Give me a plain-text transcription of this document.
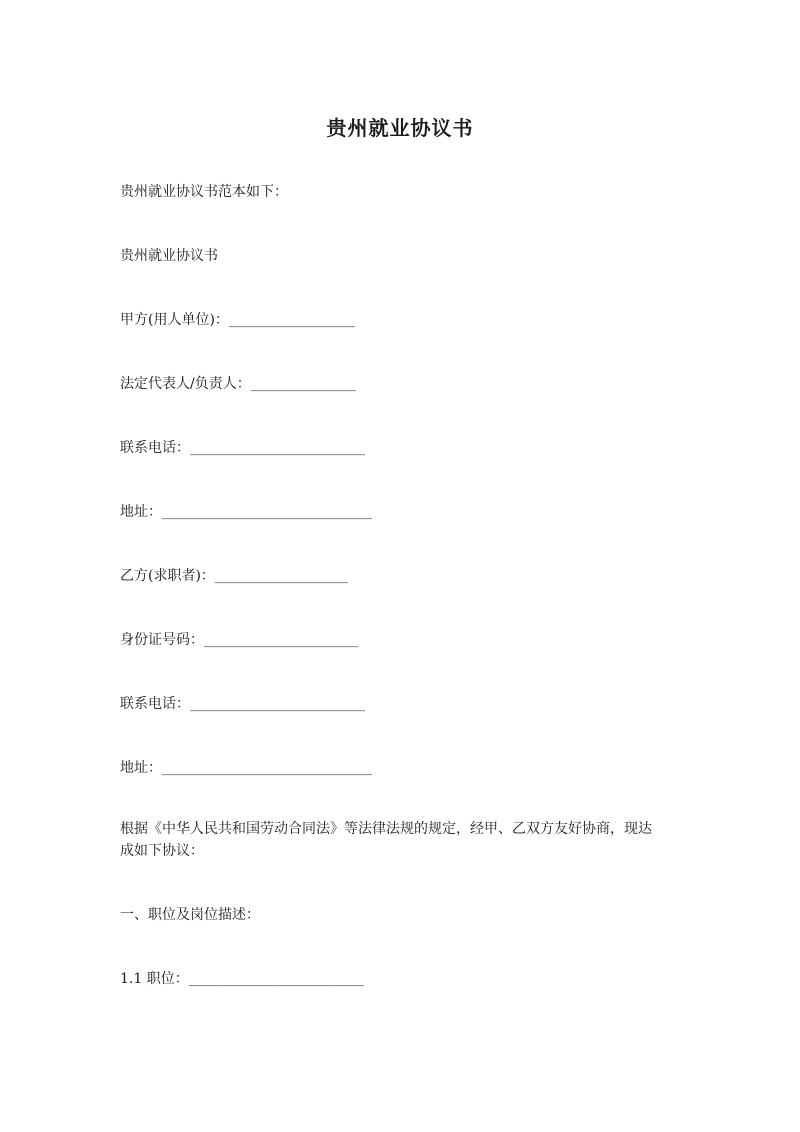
贵州就业协议书
贵州就业协议书范本如下：
贵州就业协议书
甲方(用人单位)：__________________
法定代表人/负责人：_______________
联系电话：_________________________
地址：______________________________
乙方(求职者)：___________________
身份证号码：______________________
联系电话：_________________________
地址：______________________________
根据《中华人民共和国劳动合同法》等法律法规的规定，经甲、乙双方友好协商，现达成如下协议：
一、职位及岗位描述：
1.1 职位：_________________________
